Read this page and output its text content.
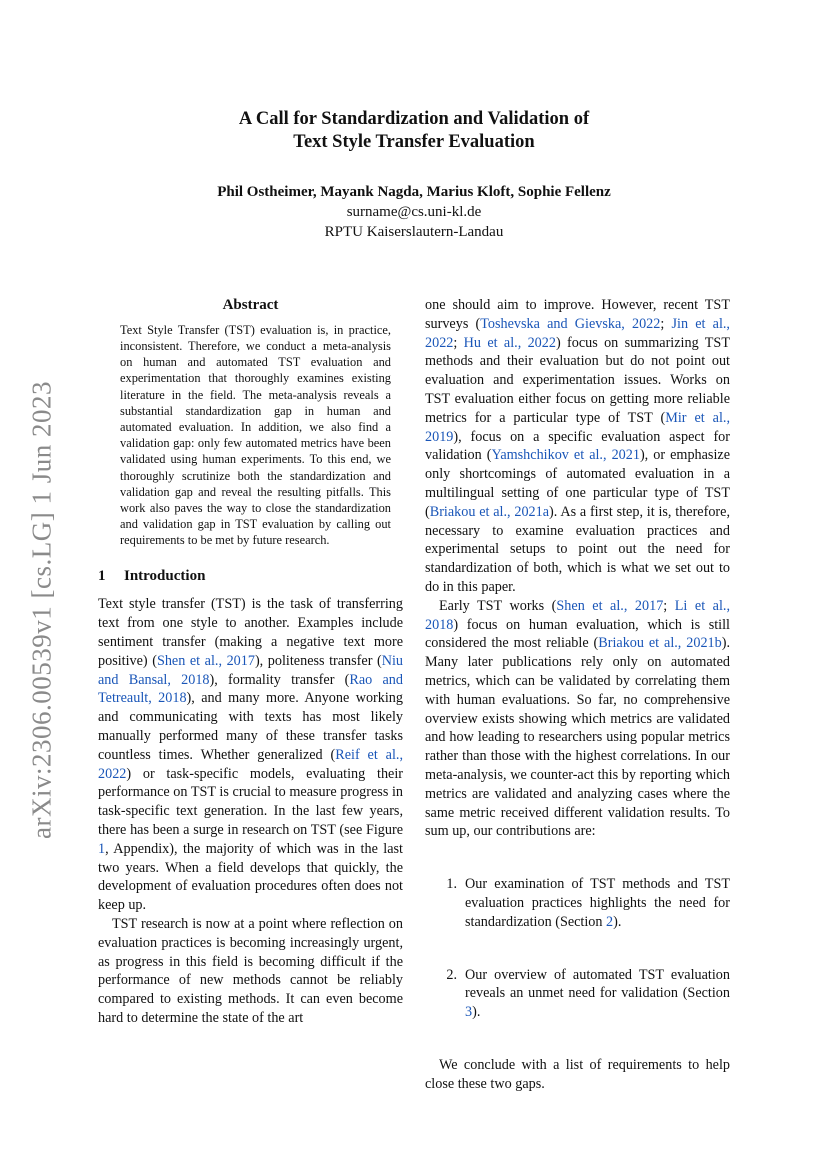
arXiv:2306.00539v1 [cs.LG] 1 Jun 2023
A Call for Standardization and Validation of
Text Style Transfer Evaluation
Phil Ostheimer, Mayank Nagda, Marius Kloft, Sophie Fellenz
surname@cs.uni-kl.de
RPTU Kaiserslautern-Landau
Abstract

Text Style Transfer (TST) evaluation is, in practice, inconsistent. Therefore, we conduct a meta-analysis on human and automated TST evaluation and experimentation that thoroughly examines existing literature in the field. The meta-analysis reveals a substantial standardization gap in human and automated evaluation. In addition, we also find a validation gap: only few automated metrics have been validated using human experiments. To this end, we thoroughly scrutinize both the standardization and validation gap and reveal the resulting pitfalls. This work also paves the way to close the standardization and validation gap in TST evaluation by calling out requirements to be met by future research.

1 Introduction

Text style transfer (TST) is the task of transferring text from one style to another. Examples include sentiment transfer (making a negative text more positive) (Shen et al., 2017), politeness transfer (Niu and Bansal, 2018), formality transfer (Rao and Tetreault, 2018), and many more. Anyone working and communicating with texts has most likely manually performed many of these transfer tasks countless times. Whether generalized (Reif et al., 2022) or task-specific models, evaluating their performance on TST is crucial to measure progress in task-specific text generation. In the last few years, there has been a surge in research on TST (see Figure 1, Appendix), the majority of which was in the last two years. When a field develops that quickly, the development of evaluation procedures often does not keep up.

TST research is now at a point where reflection on evaluation practices is becoming increasingly urgent, as progress in this field is becoming difficult if the performance of new methods cannot be reliably compared to existing methods. It can even become hard to determine the state of the art

one should aim to improve. However, recent TST surveys (Toshevska and Gievska, 2022; Jin et al., 2022; Hu et al., 2022) focus on summarizing TST methods and their evaluation but do not point out evaluation and experimentation issues. Works on TST evaluation either focus on getting more reliable metrics for a particular type of TST (Mir et al., 2019), focus on a specific evaluation aspect for validation (Yamshchikov et al., 2021), or emphasize only shortcomings of automated evaluation in a multilingual setting of one particular type of TST (Briakou et al., 2021a). As a first step, it is, therefore, necessary to examine evaluation practices and experimental setups to point out the need for standardization of both, which is what we set out to do in this paper.

Early TST works (Shen et al., 2017; Li et al., 2018) focus on human evaluation, which is still considered the most reliable (Briakou et al., 2021b). Many later publications rely only on automated metrics, which can be validated by correlating them with human evaluations. So far, no comprehensive overview exists showing which metrics are validated and how leading to researchers using popular metrics rather than those with the highest correlations. In our meta-analysis, we counter-act this by reporting which metrics are validated and analyzing cases where the same metric received different validation results. To sum up, our contributions are:

1. Our examination of TST methods and TST evaluation practices highlights the need for standardization (Section 2).
2. Our overview of automated TST evaluation reveals an unmet need for validation (Section 3).

We conclude with a list of requirements to help close these two gaps.
